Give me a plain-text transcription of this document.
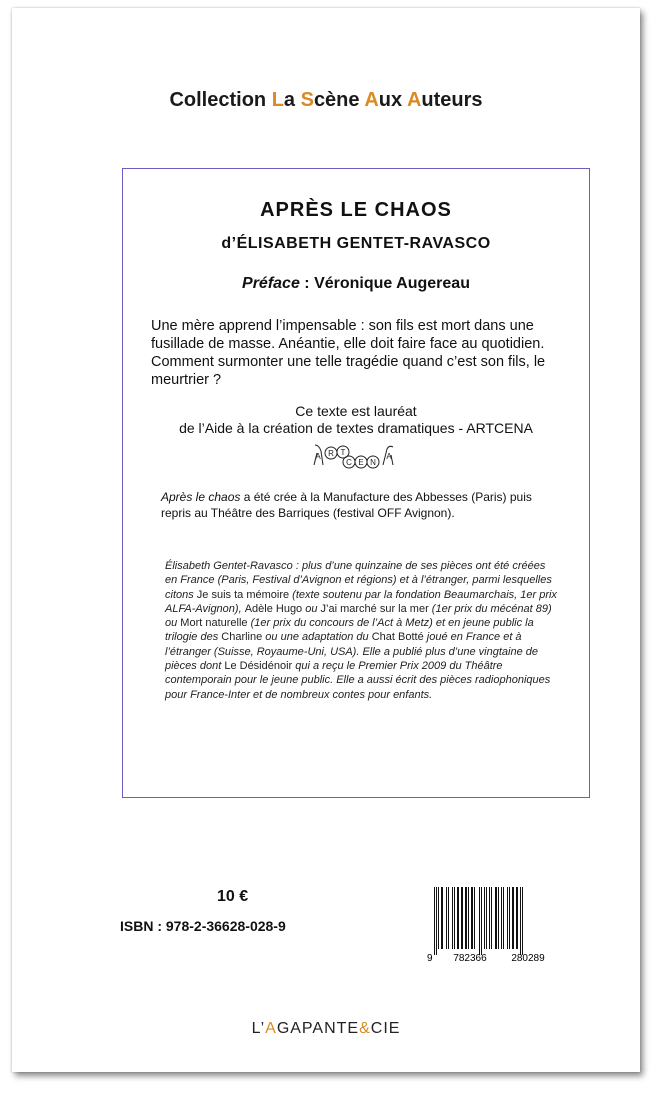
Collection La Scène Aux Auteurs
APRÈS LE CHAOS
d’ÉLISABETH GENTET-RAVASCO
Préface : Véronique Augereau
Une mère apprend l’impensable : son fils est mort dans une fusillade de masse. Anéantie, elle doit faire face au quotidien. Comment surmonter une telle tragédie quand c’est son fils, le meurtrier ?
Ce texte est lauréat
de l’Aide à la création de textes dramatiques - ARTCENA
A R T
C E N
A
Après le chaos a été crée à la Manufacture des Abbesses (Paris) puis repris au Théâtre des Barriques (festival OFF Avignon).
Élisabeth Gentet-Ravasco : plus d’une quinzaine de ses pièces ont été créées en France (Paris, Festival d’Avignon et régions) et à l’étranger, parmi lesquelles citons Je suis ta mémoire (texte soutenu par la fondation Beaumarchais, 1er prix ALFA-Avignon), Adèle Hugo ou J’ai marché sur la mer (1er prix du mécénat 89) ou Mort naturelle (1er prix du concours de l’Act à Metz) et en jeune public la trilogie des Charline ou une adaptation du Chat Botté joué en France et à l’étranger (Suisse, Royaume-Uni, USA). Elle a publié plus d’une vingtaine de pièces dont Le Désidénoir qui a reçu le Premier Prix 2009 du Théâtre contemporain pour le jeune public. Elle a aussi écrit des pièces radiophoniques pour France-Inter et de nombreux contes pour enfants.
10 €
ISBN : 978-2-36628-028-9
9 782366 280289
L’AGAPANTE&CIE
